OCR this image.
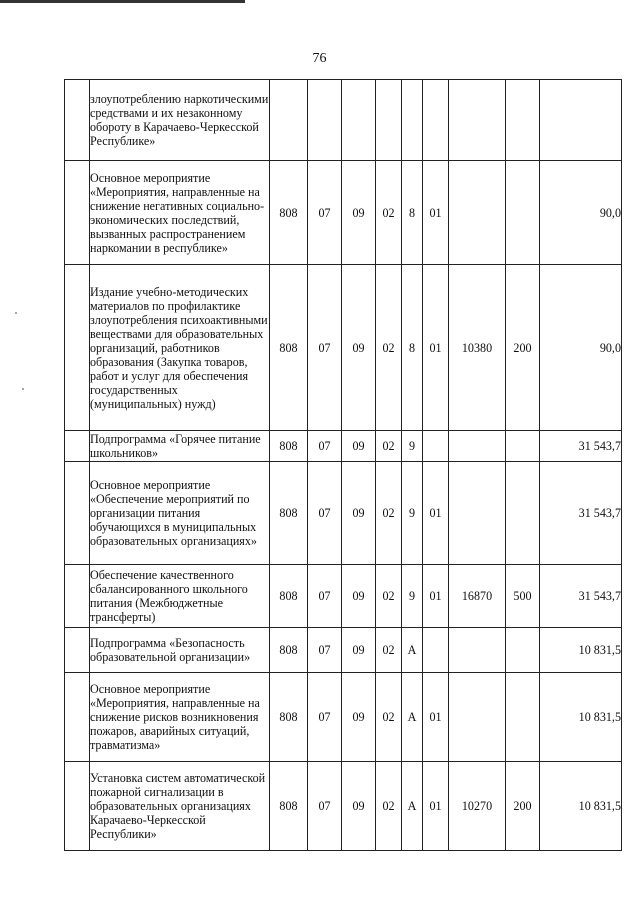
76
	злоупотреблению наркотическими средствами и их незаконному обороту в Карачаево-Черкесской Республике»									
	Основное мероприятие «Мероприятия, направленные на снижение негативных социально-экономических последствий, вызванных распространением наркомании в республике»	808	07	09	02	8	01			90,0
	Издание учебно-методических материалов по профилактике злоупотребления психоактивными веществами для образовательных организаций, работников образования (Закупка товаров, работ и услуг для обеспечения государственных (муниципальных) нужд)	808	07	09	02	8	01	10380	200	90,0
	Подпрограмма «Горячее питание школьников»	808	07	09	02	9				31 543,7
	Основное мероприятие «Обеспечение мероприятий по организации питания обучающихся в муниципальных образовательных организациях»	808	07	09	02	9	01			31 543,7
	Обеспечение качественного сбалансированного школьного питания (Межбюджетные трансферты)	808	07	09	02	9	01	16870	500	31 543,7
	Подпрограмма «Безопасность образовательной организации»	808	07	09	02	А				10 831,5
	Основное мероприятие «Мероприятия, направленные на снижение рисков возникновения пожаров, аварийных ситуаций, травматизма»	808	07	09	02	А	01			10 831,5
	Установка систем автоматической пожарной сигнализации в образовательных организациях Карачаево-Черкесской Республики»	808	07	09	02	А	01	10270	200	10 831,5
